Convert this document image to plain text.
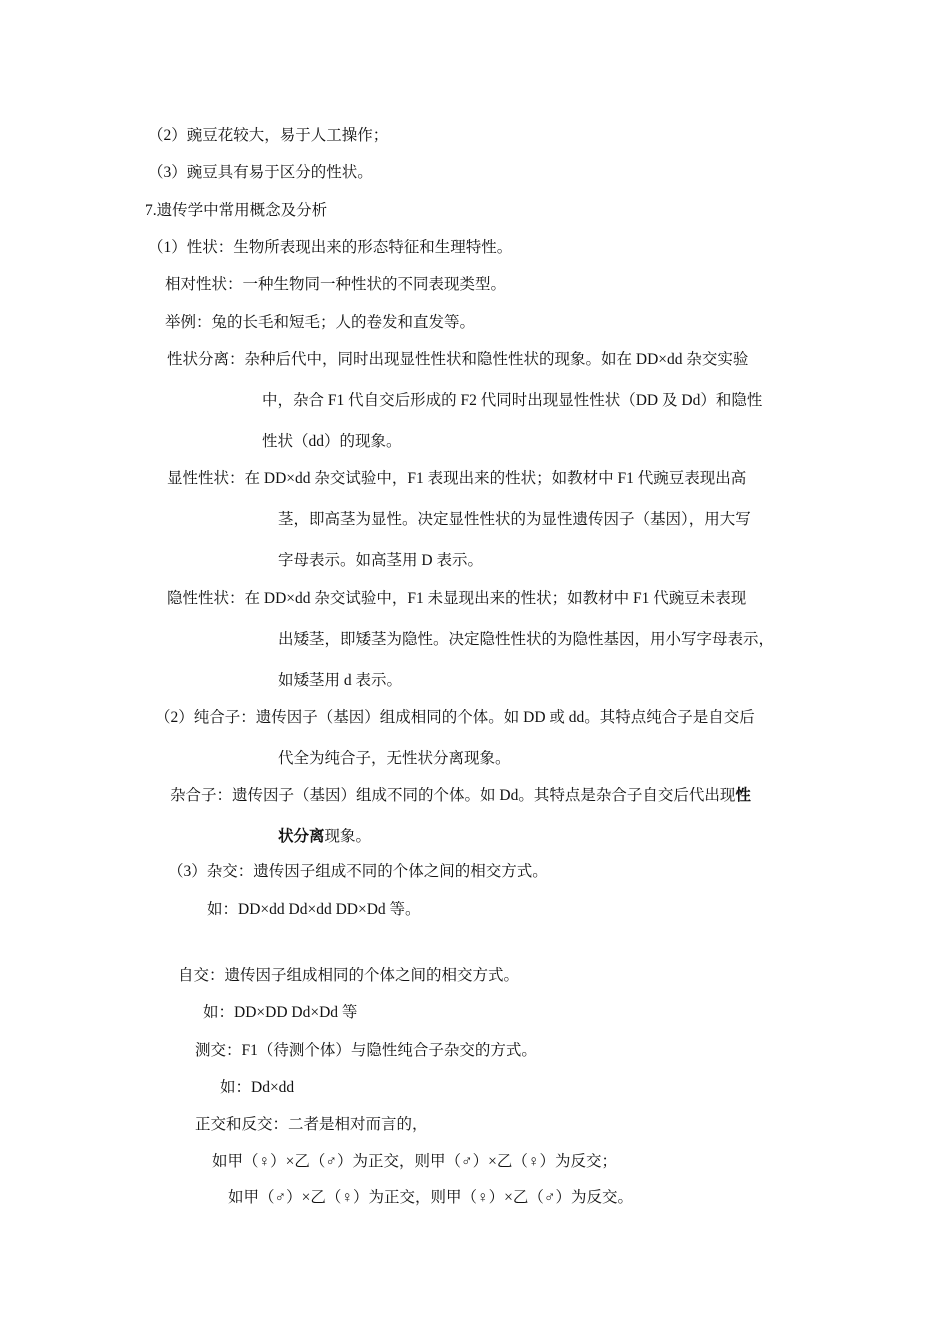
（2）豌豆花较大，易于人工操作；
（3）豌豆具有易于区分的性状。
7.遗传学中常用概念及分析
（1）性状：生物所表现出来的形态特征和生理特性。
相对性状：一种生物同一种性状的不同表现类型。
举例：兔的长毛和短毛；人的卷发和直发等。
性状分离：杂种后代中，同时出现显性性状和隐性性状的现象。如在 DD×dd 杂交实验
中，杂合 F1 代自交后形成的 F2 代同时出现显性性状（DD 及 Dd）和隐性
性状（dd）的现象。
显性性状：在 DD×dd 杂交试验中，F1 表现出来的性状；如教材中 F1 代豌豆表现出高
茎，即高茎为显性。决定显性性状的为显性遗传因子（基因），用大写
字母表示。如高茎用 D 表示。
隐性性状：在 DD×dd 杂交试验中，F1 未显现出来的性状；如教材中 F1 代豌豆未表现
出矮茎，即矮茎为隐性。决定隐性性状的为隐性基因，用小写字母表示，
如矮茎用 d 表示。
（2）纯合子：遗传因子（基因）组成相同的个体。如 DD 或 dd。其特点纯合子是自交后
代全为纯合子，无性状分离现象。
杂合子：遗传因子（基因）组成不同的个体。如 Dd。其特点是杂合子自交后代出现性
状分离现象。
（3）杂交：遗传因子组成不同的个体之间的相交方式。
如：DD×dd Dd×dd DD×Dd 等。
自交：遗传因子组成相同的个体之间的相交方式。
如：DD×DD Dd×Dd 等
测交：F1（待测个体）与隐性纯合子杂交的方式。
如：Dd×dd
正交和反交：二者是相对而言的，
如甲（♀）×乙（♂）为正交，则甲（♂）×乙（♀）为反交；
如甲（♂）×乙（♀）为正交，则甲（♀）×乙（♂）为反交。
